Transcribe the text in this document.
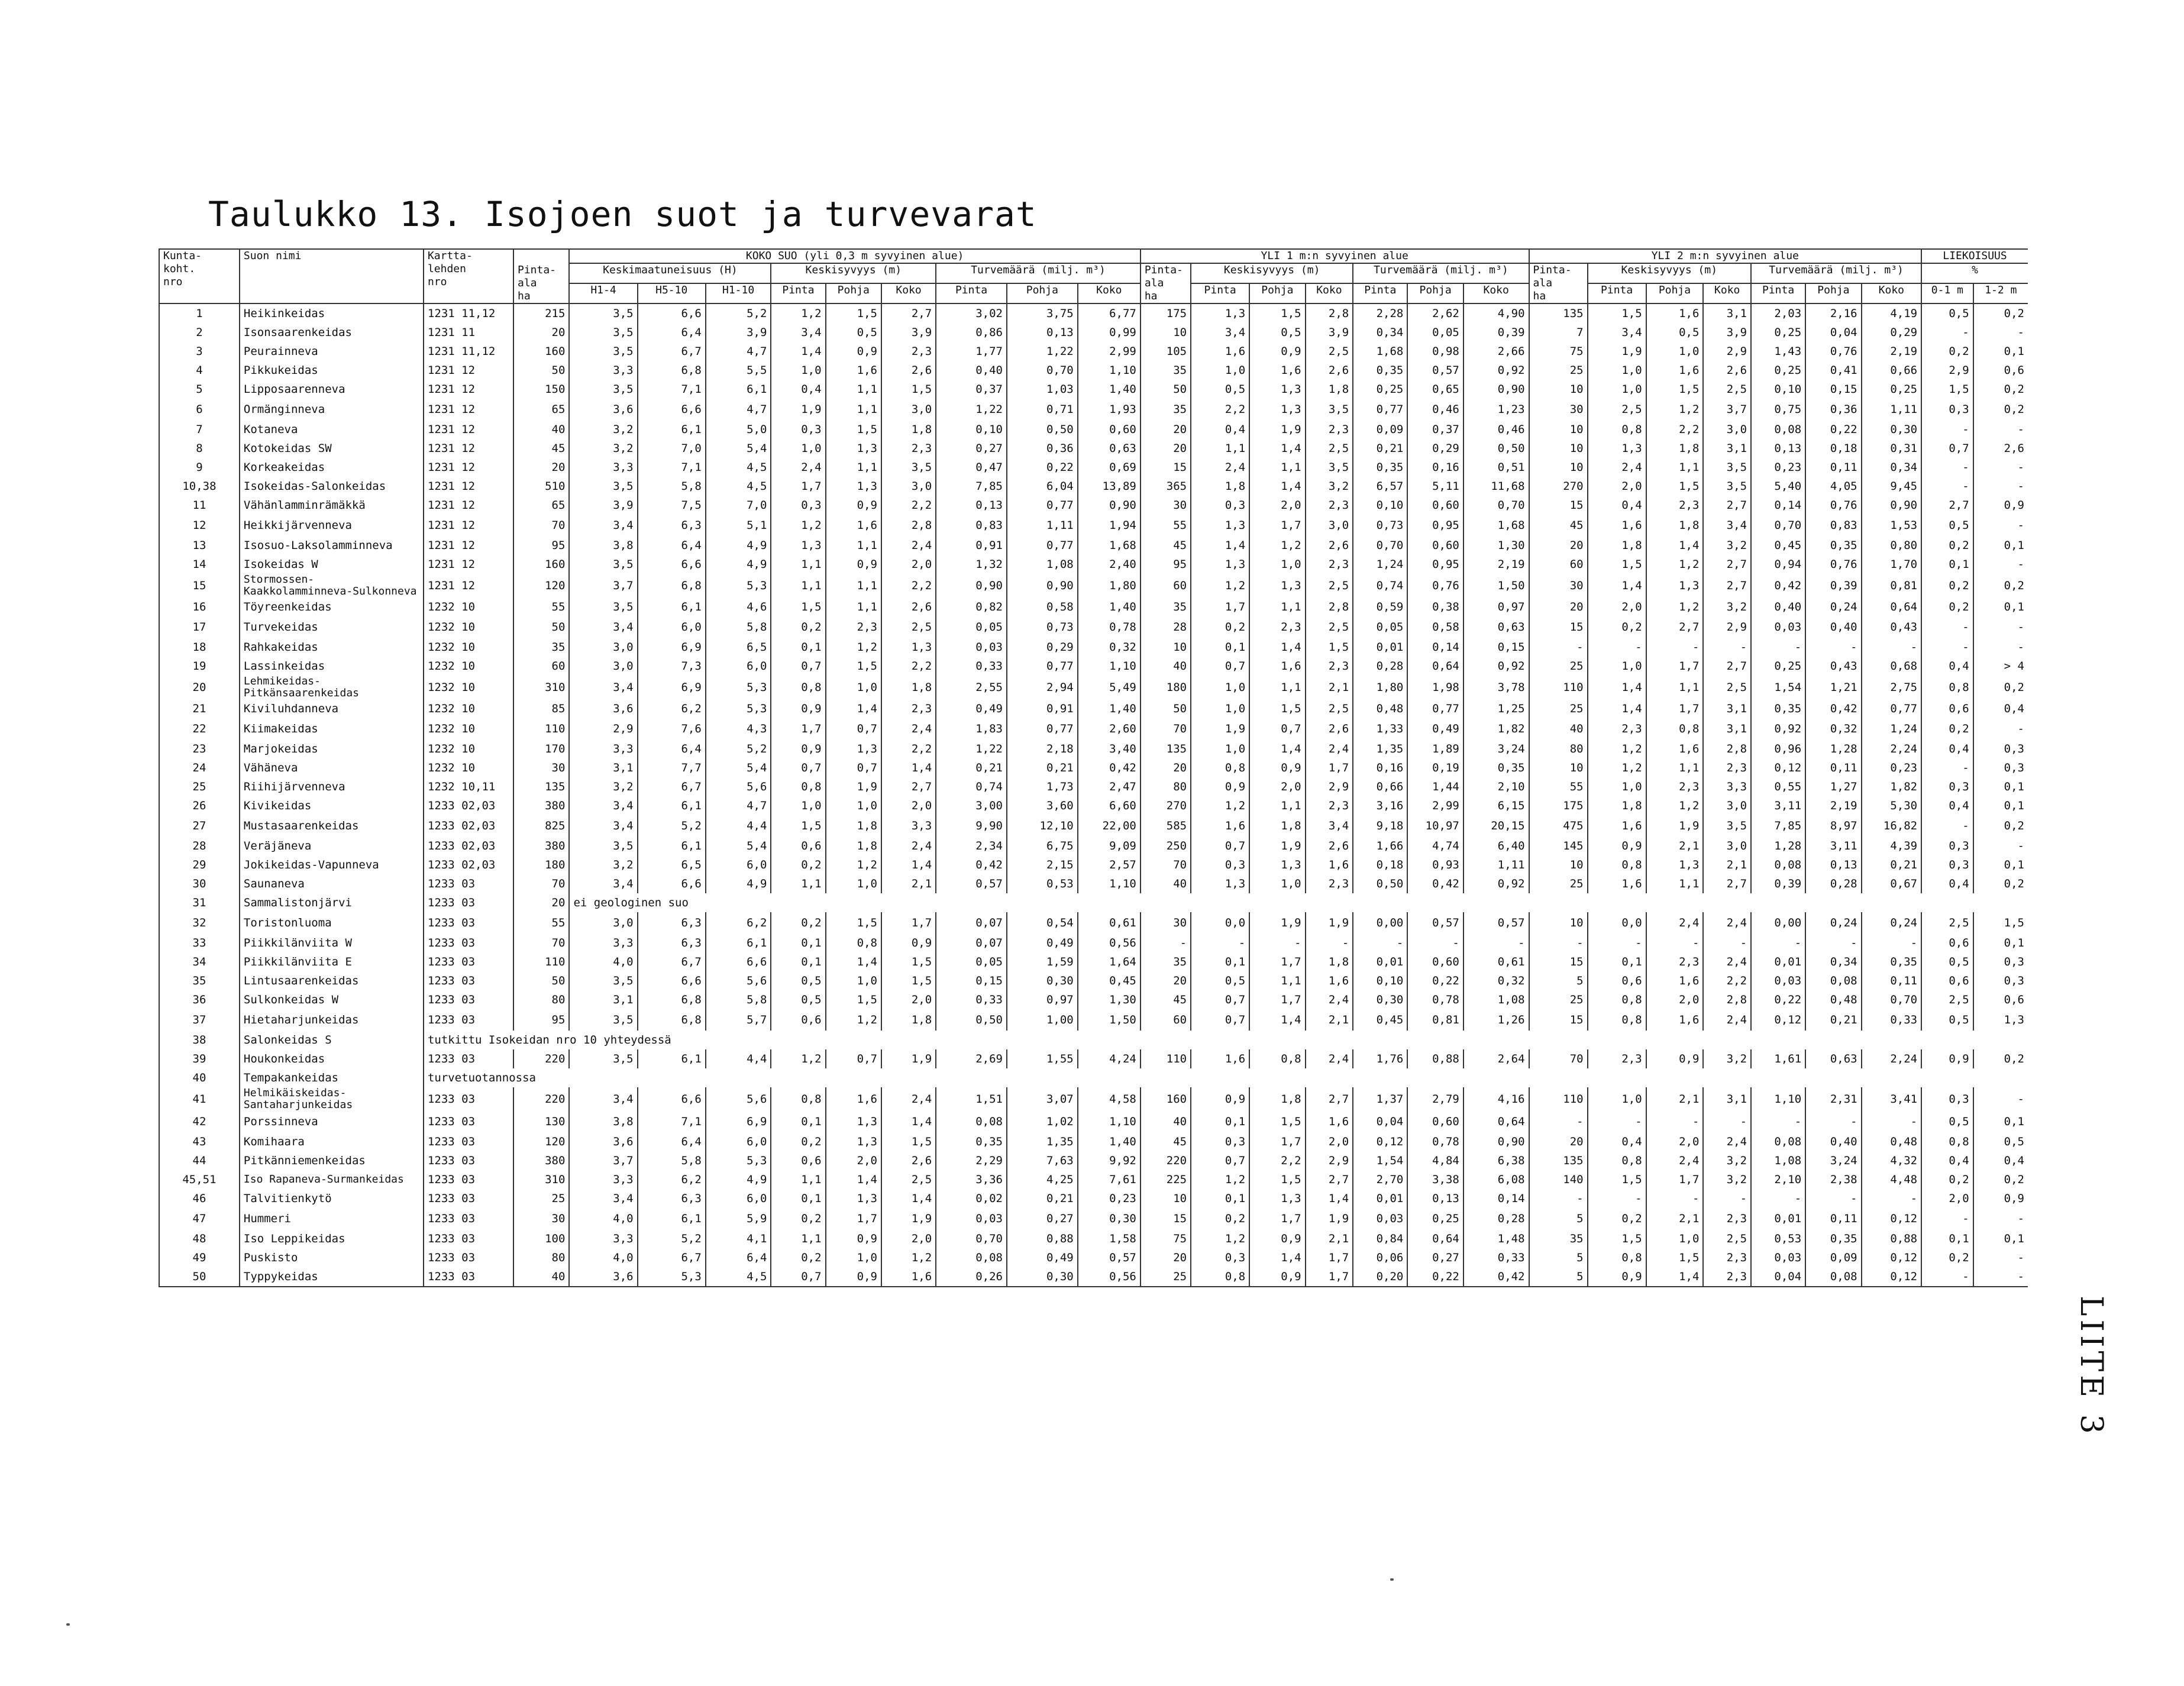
Taulukko 13. Isojoen suot ja turvevarat
LIITE 3
Kunta-
koht.
nro	Suon nimi	Kartta-
lehden
nro	Pinta-
ala
ha	KOKO SUO (yli 0,3 m syvyinen alue)									YLI 1 m:n syvyinen alue							YLI 2 m:n syvyinen alue							LIEKOISUUS	
				Keskimaatuneisuus (H)			Keskisyvyys (m)			Turvemäärä (milj. m³)			Pinta-
ala
ha	Keskisyvyys (m)			Turvemäärä (milj. m³)			Pinta-
ala
ha	Keskisyvyys (m)			Turvemäärä (milj. m³)			%	
				H1-4	H5-10	H1-10	Pinta	Pohja	Koko	Pinta	Pohja	Koko		Pinta	Pohja	Koko	Pinta	Pohja	Koko		Pinta	Pohja	Koko	Pinta	Pohja	Koko	0-1 m	1-2 m
1	Heikinkeidas	1231 11,12	215	3,5	6,6	5,2	1,2	1,5	2,7	3,02	3,75	6,77	175	1,3	1,5	2,8	2,28	2,62	4,90	135	1,5	1,6	3,1	2,03	2,16	4,19	0,5	0,2
2	Isonsaarenkeidas	1231 11	20	3,5	6,4	3,9	3,4	0,5	3,9	0,86	0,13	0,99	10	3,4	0,5	3,9	0,34	0,05	0,39	7	3,4	0,5	3,9	0,25	0,04	0,29	-	-
3	Peurainneva	1231 11,12	160	3,5	6,7	4,7	1,4	0,9	2,3	1,77	1,22	2,99	105	1,6	0,9	2,5	1,68	0,98	2,66	75	1,9	1,0	2,9	1,43	0,76	2,19	0,2	0,1
4	Pikkukeidas	1231 12	50	3,3	6,8	5,5	1,0	1,6	2,6	0,40	0,70	1,10	35	1,0	1,6	2,6	0,35	0,57	0,92	25	1,0	1,6	2,6	0,25	0,41	0,66	2,9	0,6
5	Lipposaarenneva	1231 12	150	3,5	7,1	6,1	0,4	1,1	1,5	0,37	1,03	1,40	50	0,5	1,3	1,8	0,25	0,65	0,90	10	1,0	1,5	2,5	0,10	0,15	0,25	1,5	0,2
6	Ormänginneva	1231 12	65	3,6	6,6	4,7	1,9	1,1	3,0	1,22	0,71	1,93	35	2,2	1,3	3,5	0,77	0,46	1,23	30	2,5	1,2	3,7	0,75	0,36	1,11	0,3	0,2
7	Kotaneva	1231 12	40	3,2	6,1	5,0	0,3	1,5	1,8	0,10	0,50	0,60	20	0,4	1,9	2,3	0,09	0,37	0,46	10	0,8	2,2	3,0	0,08	0,22	0,30	-	-
8	Kotokeidas SW	1231 12	45	3,2	7,0	5,4	1,0	1,3	2,3	0,27	0,36	0,63	20	1,1	1,4	2,5	0,21	0,29	0,50	10	1,3	1,8	3,1	0,13	0,18	0,31	0,7	2,6
9	Korkeakeidas	1231 12	20	3,3	7,1	4,5	2,4	1,1	3,5	0,47	0,22	0,69	15	2,4	1,1	3,5	0,35	0,16	0,51	10	2,4	1,1	3,5	0,23	0,11	0,34	-	-
10,38	Isokeidas-Salonkeidas	1231 12	510	3,5	5,8	4,5	1,7	1,3	3,0	7,85	6,04	13,89	365	1,8	1,4	3,2	6,57	5,11	11,68	270	2,0	1,5	3,5	5,40	4,05	9,45	-	-
11	Vähänlamminrämäkkä	1231 12	65	3,9	7,5	7,0	0,3	0,9	2,2	0,13	0,77	0,90	30	0,3	2,0	2,3	0,10	0,60	0,70	15	0,4	2,3	2,7	0,14	0,76	0,90	2,7	0,9
12	Heikkijärvenneva	1231 12	70	3,4	6,3	5,1	1,2	1,6	2,8	0,83	1,11	1,94	55	1,3	1,7	3,0	0,73	0,95	1,68	45	1,6	1,8	3,4	0,70	0,83	1,53	0,5	-
13	Isosuo-Laksolamminneva	1231 12	95	3,8	6,4	4,9	1,3	1,1	2,4	0,91	0,77	1,68	45	1,4	1,2	2,6	0,70	0,60	1,30	20	1,8	1,4	3,2	0,45	0,35	0,80	0,2	0,1
14	Isokeidas W	1231 12	160	3,5	6,6	4,9	1,1	0,9	2,0	1,32	1,08	2,40	95	1,3	1,0	2,3	1,24	0,95	2,19	60	1,5	1,2	2,7	0,94	0,76	1,70	0,1	-
15	Stormossen-Kaakkolamminneva-Sulkonneva	1231 12	120	3,7	6,8	5,3	1,1	1,1	2,2	0,90	0,90	1,80	60	1,2	1,3	2,5	0,74	0,76	1,50	30	1,4	1,3	2,7	0,42	0,39	0,81	0,2	0,2
16	Töyreenkeidas	1232 10	55	3,5	6,1	4,6	1,5	1,1	2,6	0,82	0,58	1,40	35	1,7	1,1	2,8	0,59	0,38	0,97	20	2,0	1,2	3,2	0,40	0,24	0,64	0,2	0,1
17	Turvekeidas	1232 10	50	3,4	6,0	5,8	0,2	2,3	2,5	0,05	0,73	0,78	28	0,2	2,3	2,5	0,05	0,58	0,63	15	0,2	2,7	2,9	0,03	0,40	0,43	-	-
18	Rahkakeidas	1232 10	35	3,0	6,9	6,5	0,1	1,2	1,3	0,03	0,29	0,32	10	0,1	1,4	1,5	0,01	0,14	0,15	-	-	-	-	-	-	-	-	-
19	Lassinkeidas	1232 10	60	3,0	7,3	6,0	0,7	1,5	2,2	0,33	0,77	1,10	40	0,7	1,6	2,3	0,28	0,64	0,92	25	1,0	1,7	2,7	0,25	0,43	0,68	0,4	> 4
20	Lehmikeidas-Pitkänsaarenkeidas	1232 10	310	3,4	6,9	5,3	0,8	1,0	1,8	2,55	2,94	5,49	180	1,0	1,1	2,1	1,80	1,98	3,78	110	1,4	1,1	2,5	1,54	1,21	2,75	0,8	0,2
21	Kiviluhdanneva	1232 10	85	3,6	6,2	5,3	0,9	1,4	2,3	0,49	0,91	1,40	50	1,0	1,5	2,5	0,48	0,77	1,25	25	1,4	1,7	3,1	0,35	0,42	0,77	0,6	0,4
22	Kiimakeidas	1232 10	110	2,9	7,6	4,3	1,7	0,7	2,4	1,83	0,77	2,60	70	1,9	0,7	2,6	1,33	0,49	1,82	40	2,3	0,8	3,1	0,92	0,32	1,24	0,2	-
23	Marjokeidas	1232 10	170	3,3	6,4	5,2	0,9	1,3	2,2	1,22	2,18	3,40	135	1,0	1,4	2,4	1,35	1,89	3,24	80	1,2	1,6	2,8	0,96	1,28	2,24	0,4	0,3
24	Vähäneva	1232 10	30	3,1	7,7	5,4	0,7	0,7	1,4	0,21	0,21	0,42	20	0,8	0,9	1,7	0,16	0,19	0,35	10	1,2	1,1	2,3	0,12	0,11	0,23	-	0,3
25	Riihijärvenneva	1232 10,11	135	3,2	6,7	5,6	0,8	1,9	2,7	0,74	1,73	2,47	80	0,9	2,0	2,9	0,66	1,44	2,10	55	1,0	2,3	3,3	0,55	1,27	1,82	0,3	0,1
26	Kivikeidas	1233 02,03	380	3,4	6,1	4,7	1,0	1,0	2,0	3,00	3,60	6,60	270	1,2	1,1	2,3	3,16	2,99	6,15	175	1,8	1,2	3,0	3,11	2,19	5,30	0,4	0,1
27	Mustasaarenkeidas	1233 02,03	825	3,4	5,2	4,4	1,5	1,8	3,3	9,90	12,10	22,00	585	1,6	1,8	3,4	9,18	10,97	20,15	475	1,6	1,9	3,5	7,85	8,97	16,82	-	0,2
28	Veräjäneva	1233 02,03	380	3,5	6,1	5,4	0,6	1,8	2,4	2,34	6,75	9,09	250	0,7	1,9	2,6	1,66	4,74	6,40	145	0,9	2,1	3,0	1,28	3,11	4,39	0,3	-
29	Jokikeidas-Vapunneva	1233 02,03	180	3,2	6,5	6,0	0,2	1,2	1,4	0,42	2,15	2,57	70	0,3	1,3	1,6	0,18	0,93	1,11	10	0,8	1,3	2,1	0,08	0,13	0,21	0,3	0,1
30	Saunaneva	1233 03	70	3,4	6,6	4,9	1,1	1,0	2,1	0,57	0,53	1,10	40	1,3	1,0	2,3	0,50	0,42	0,92	25	1,6	1,1	2,7	0,39	0,28	0,67	0,4	0,2
31	Sammalistonjärvi	1233 03	20	ei geologinen suo																								
32	Toristonluoma	1233 03	55	3,0	6,3	6,2	0,2	1,5	1,7	0,07	0,54	0,61	30	0,0	1,9	1,9	0,00	0,57	0,57	10	0,0	2,4	2,4	0,00	0,24	0,24	2,5	1,5
33	Piikkilänviita W	1233 03	70	3,3	6,3	6,1	0,1	0,8	0,9	0,07	0,49	0,56	-	-	-	-	-	-	-	-	-	-	-	-	-	-	0,6	0,1
34	Piikkilänviita E	1233 03	110	4,0	6,7	6,6	0,1	1,4	1,5	0,05	1,59	1,64	35	0,1	1,7	1,8	0,01	0,60	0,61	15	0,1	2,3	2,4	0,01	0,34	0,35	0,5	0,3
35	Lintusaarenkeidas	1233 03	50	3,5	6,6	5,6	0,5	1,0	1,5	0,15	0,30	0,45	20	0,5	1,1	1,6	0,10	0,22	0,32	5	0,6	1,6	2,2	0,03	0,08	0,11	0,6	0,3
36	Sulkonkeidas W	1233 03	80	3,1	6,8	5,8	0,5	1,5	2,0	0,33	0,97	1,30	45	0,7	1,7	2,4	0,30	0,78	1,08	25	0,8	2,0	2,8	0,22	0,48	0,70	2,5	0,6
37	Hietaharjunkeidas	1233 03	95	3,5	6,8	5,7	0,6	1,2	1,8	0,50	1,00	1,50	60	0,7	1,4	2,1	0,45	0,81	1,26	15	0,8	1,6	2,4	0,12	0,21	0,33	0,5	1,3
38	Salonkeidas S	tutkittu Isokeidan nro 10 yhteydessä																										
39	Houkonkeidas	1233 03	220	3,5	6,1	4,4	1,2	0,7	1,9	2,69	1,55	4,24	110	1,6	0,8	2,4	1,76	0,88	2,64	70	2,3	0,9	3,2	1,61	0,63	2,24	0,9	0,2
40	Tempakankeidas	turvetuotannossa																										
41	Helmikäiskeidas-Santaharjunkeidas	1233 03	220	3,4	6,6	5,6	0,8	1,6	2,4	1,51	3,07	4,58	160	0,9	1,8	2,7	1,37	2,79	4,16	110	1,0	2,1	3,1	1,10	2,31	3,41	0,3	-
42	Porssinneva	1233 03	130	3,8	7,1	6,9	0,1	1,3	1,4	0,08	1,02	1,10	40	0,1	1,5	1,6	0,04	0,60	0,64	-	-	-	-	-	-	-	0,5	0,1
43	Komihaara	1233 03	120	3,6	6,4	6,0	0,2	1,3	1,5	0,35	1,35	1,40	45	0,3	1,7	2,0	0,12	0,78	0,90	20	0,4	2,0	2,4	0,08	0,40	0,48	0,8	0,5
44	Pitkänniemenkeidas	1233 03	380	3,7	5,8	5,3	0,6	2,0	2,6	2,29	7,63	9,92	220	0,7	2,2	2,9	1,54	4,84	6,38	135	0,8	2,4	3,2	1,08	3,24	4,32	0,4	0,4
45,51	Iso Rapaneva-Surmankeidas	1233 03	310	3,3	6,2	4,9	1,1	1,4	2,5	3,36	4,25	7,61	225	1,2	1,5	2,7	2,70	3,38	6,08	140	1,5	1,7	3,2	2,10	2,38	4,48	0,2	0,2
46	Talvitienkytö	1233 03	25	3,4	6,3	6,0	0,1	1,3	1,4	0,02	0,21	0,23	10	0,1	1,3	1,4	0,01	0,13	0,14	-	-	-	-	-	-	-	2,0	0,9
47	Hummeri	1233 03	30	4,0	6,1	5,9	0,2	1,7	1,9	0,03	0,27	0,30	15	0,2	1,7	1,9	0,03	0,25	0,28	5	0,2	2,1	2,3	0,01	0,11	0,12	-	-
48	Iso Leppikeidas	1233 03	100	3,3	5,2	4,1	1,1	0,9	2,0	0,70	0,88	1,58	75	1,2	0,9	2,1	0,84	0,64	1,48	35	1,5	1,0	2,5	0,53	0,35	0,88	0,1	0,1
49	Puskisto	1233 03	80	4,0	6,7	6,4	0,2	1,0	1,2	0,08	0,49	0,57	20	0,3	1,4	1,7	0,06	0,27	0,33	5	0,8	1,5	2,3	0,03	0,09	0,12	0,2	-
50	Typpykeidas	1233 03	40	3,6	5,3	4,5	0,7	0,9	1,6	0,26	0,30	0,56	25	0,8	0,9	1,7	0,20	0,22	0,42	5	0,9	1,4	2,3	0,04	0,08	0,12	-	-
